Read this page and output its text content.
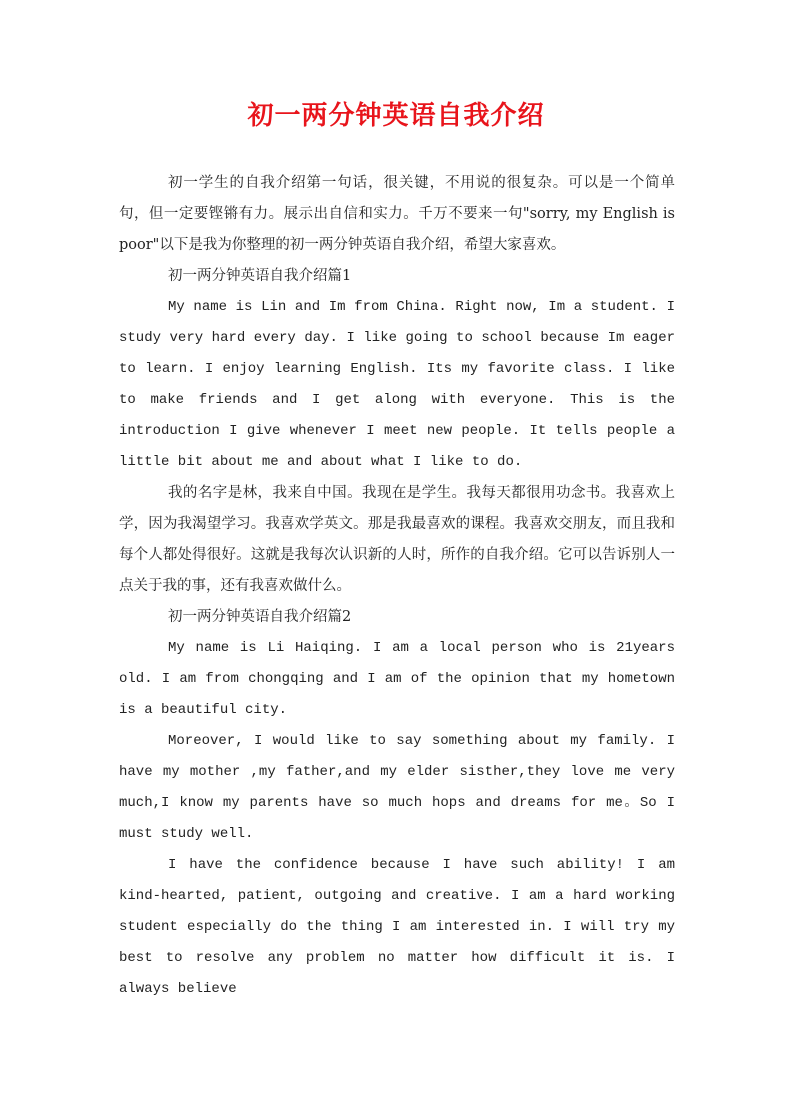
初一两分钟英语自我介绍

初一学生的自我介绍第一句话，很关键，不用说的很复杂。可以是一个简单句，但一定要铿锵有力。展示出自信和实力。千万不要来一句"sorry, my English is poor"以下是我为你整理的初一两分钟英语自我介绍，希望大家喜欢。

初一两分钟英语自我介绍篇1

My name is Lin and Im from China. Right now, Im a student. I study very hard every day. I like going to school because Im eager to learn. I enjoy learning English. Its my favorite class. I like to make friends and I get along with everyone. This is the introduction I give whenever I meet new people. It tells people a little bit about me and about what I like to do.

我的名字是林，我来自中国。我现在是学生。我每天都很用功念书。我喜欢上学，因为我渴望学习。我喜欢学英文。那是我最喜欢的课程。我喜欢交朋友，而且我和每个人都处得很好。这就是我每次认识新的人时，所作的自我介绍。它可以告诉别人一点关于我的事，还有我喜欢做什么。

初一两分钟英语自我介绍篇2

My name is Li Haiqing. I am a local person who is 21years old. I am from chongqing and I am of the opinion that my hometown is a beautiful city.

Moreover, I would like to say something about my family. I have my mother ,my father,and my elder sisther,they love me very much,I know my parents have so much hops and dreams for me。So I must study well.

I have the confidence because I have such ability! I am kind-hearted, patient, outgoing and creative. I am a hard working student especially do the thing I am interested in. I will try my best to resolve any problem no matter how difficult it is. I always believe
